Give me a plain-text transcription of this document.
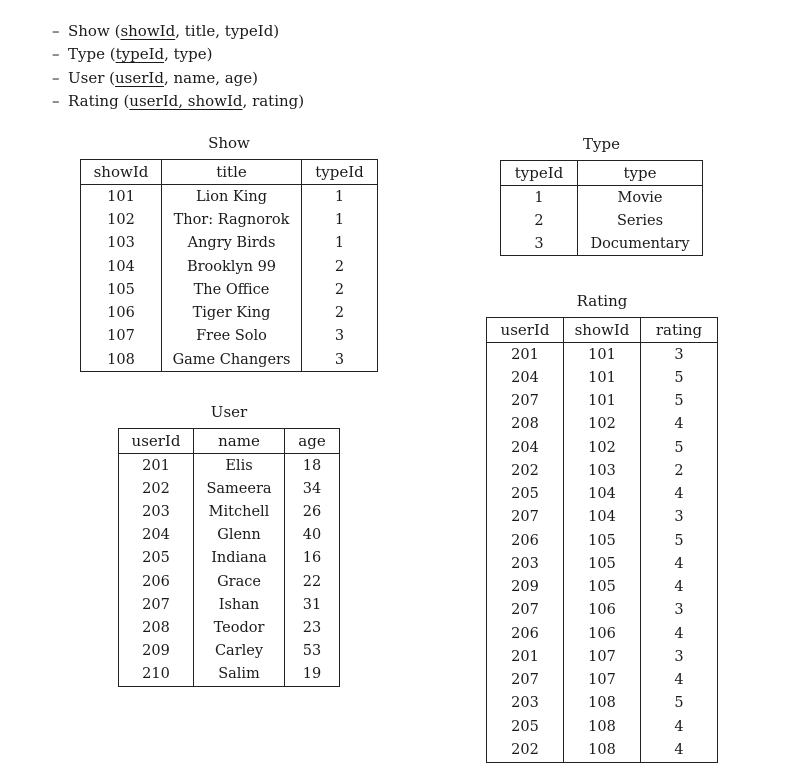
– Show (showId, title, typeId)
– Type (typeId, type)
– User (userId, name, age)
– Rating (userId, showId, rating)
Show
showId	title	typeId
101	Lion King	1
102	Thor: Ragnorok	1
103	Angry Birds	1
104	Brooklyn 99	2
105	The Office	2
106	Tiger King	2
107	Free Solo	3
108	Game Changers	3
Type
typeId	type
1	Movie
2	Series
3	Documentary
User
userId	name	age
201	Elis	18
202	Sameera	34
203	Mitchell	26
204	Glenn	40
205	Indiana	16
206	Grace	22
207	Ishan	31
208	Teodor	23
209	Carley	53
210	Salim	19
Rating
userId	showId	rating
201	101	3
204	101	5
207	101	5
208	102	4
204	102	5
202	103	2
205	104	4
207	104	3
206	105	5
203	105	4
209	105	4
207	106	3
206	106	4
201	107	3
207	107	4
203	108	5
205	108	4
202	108	4
